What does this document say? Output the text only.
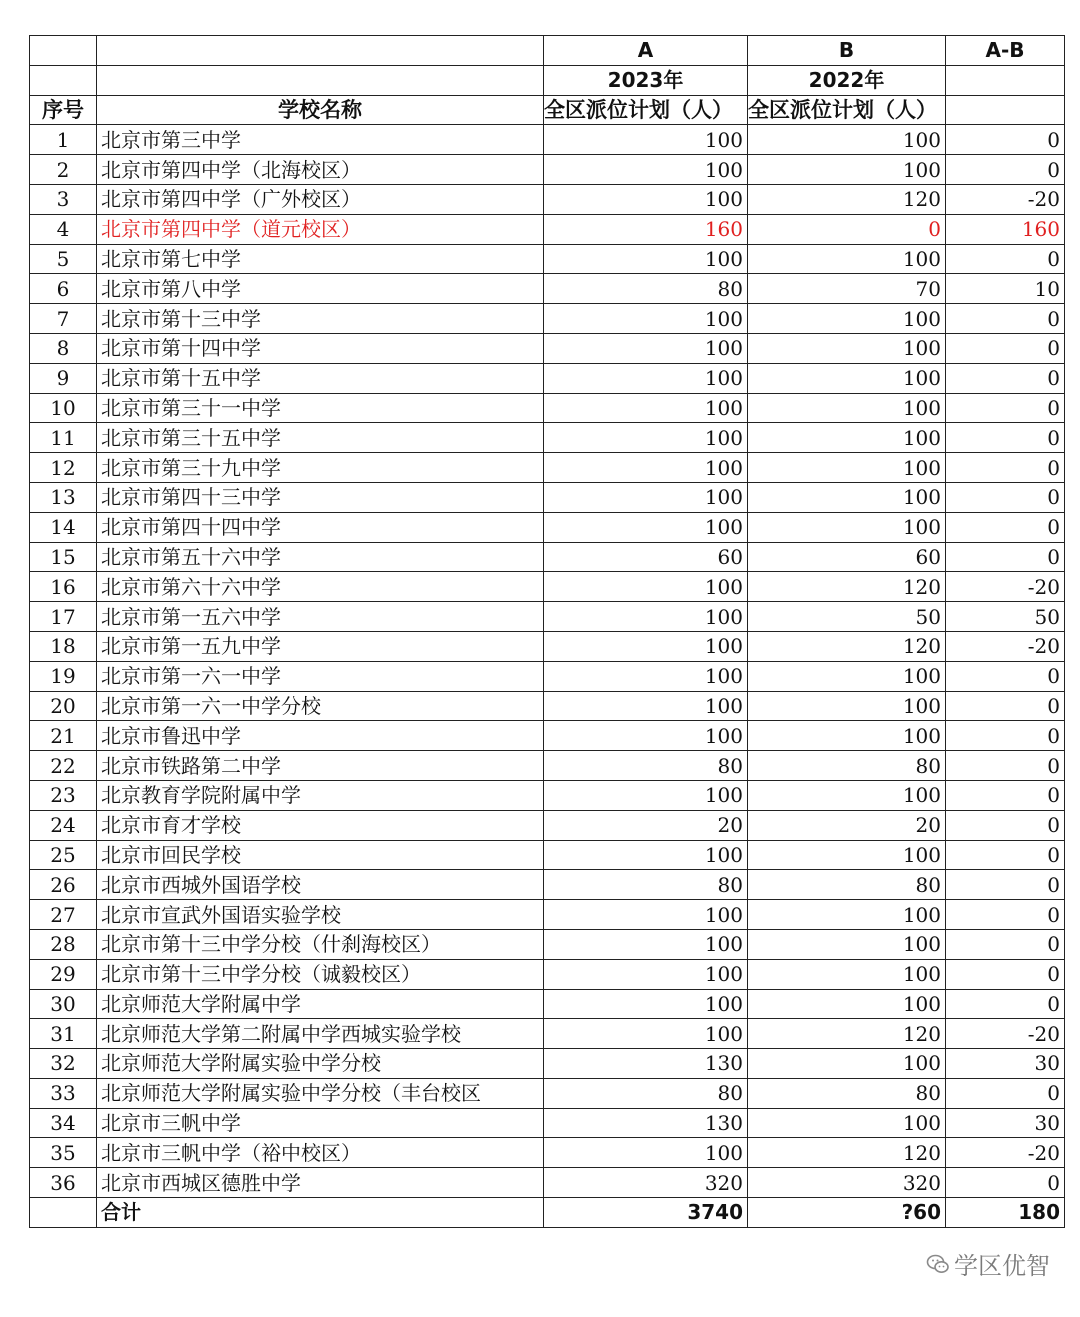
		A	B	A-B
		2023年	2022年	
序号	学校名称	全区派位计划（人）	全区派位计划（人）	
1	北京市第三中学	100	100	0
2	北京市第四中学（北海校区）	100	100	0
3	北京市第四中学（广外校区）	100	120	-20
4	北京市第四中学（道元校区）	160	0	160
5	北京市第七中学	100	100	0
6	北京市第八中学	80	70	10
7	北京市第十三中学	100	100	0
8	北京市第十四中学	100	100	0
9	北京市第十五中学	100	100	0
10	北京市第三十一中学	100	100	0
11	北京市第三十五中学	100	100	0
12	北京市第三十九中学	100	100	0
13	北京市第四十三中学	100	100	0
14	北京市第四十四中学	100	100	0
15	北京市第五十六中学	60	60	0
16	北京市第六十六中学	100	120	-20
17	北京市第一五六中学	100	50	50
18	北京市第一五九中学	100	120	-20
19	北京市第一六一中学	100	100	0
20	北京市第一六一中学分校	100	100	0
21	北京市鲁迅中学	100	100	0
22	北京市铁路第二中学	80	80	0
23	北京教育学院附属中学	100	100	0
24	北京市育才学校	20	20	0
25	北京市回民学校	100	100	0
26	北京市西城外国语学校	80	80	0
27	北京市宣武外国语实验学校	100	100	0
28	北京市第十三中学分校（什刹海校区）	100	100	0
29	北京市第十三中学分校（诚毅校区）	100	100	0
30	北京师范大学附属中学	100	100	0
31	北京师范大学第二附属中学西城实验学校	100	120	-20
32	北京师范大学附属实验中学分校	130	100	30
33	北京师范大学附属实验中学分校（丰台校区	80	80	0
34	北京市三帆中学	130	100	30
35	北京市三帆中学（裕中校区）	100	120	-20
36	北京市西城区德胜中学	320	320	0
	合计	3740	?60	180
学区优智
